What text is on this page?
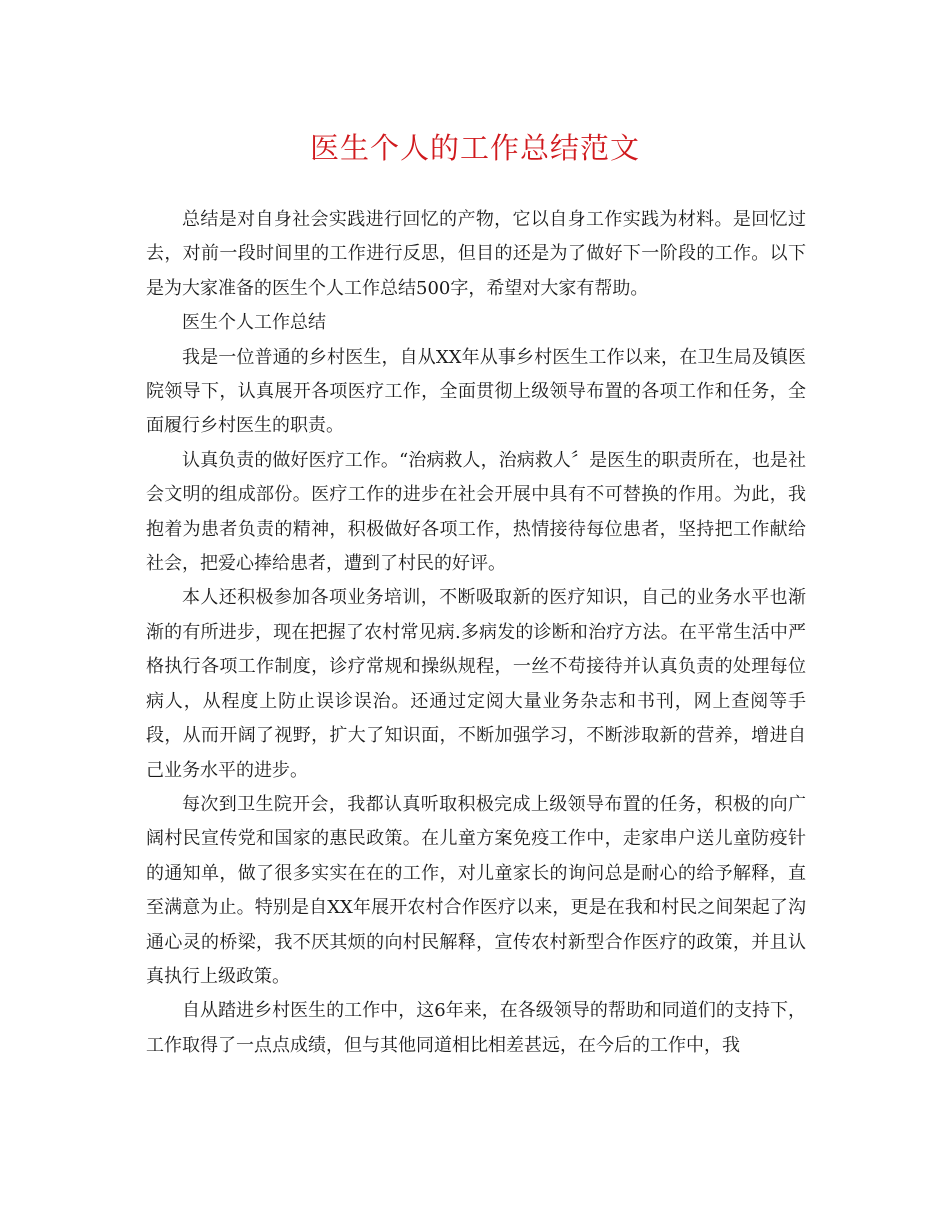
医生个人的工作总结范文

总结是对自身社会实践进行回忆的产物，它以自身工作实践为材料。是回忆过去，对前一段时间里的工作进行反思，但目的还是为了做好下一阶段的工作。以下是为大家准备的医生个人工作总结500字，希望对大家有帮助。

医生个人工作总结

我是一位普通的乡村医生，自从XX年从事乡村医生工作以来，在卫生局及镇医院领导下，认真展开各项医疗工作，全面贯彻上级领导布置的各项工作和任务，全面履行乡村医生的职责。

认真负责的做好医疗工作。“治病救人，治病救人〞是医生的职责所在，也是社会文明的组成部份。医疗工作的进步在社会开展中具有不可替换的作用。为此，我抱着为患者负责的精神，积极做好各项工作，热情接待每位患者，坚持把工作献给社会，把爱心捧给患者，遭到了村民的好评。

本人还积极参加各项业务培训，不断吸取新的医疗知识，自己的业务水平也渐渐的有所进步，现在把握了农村常见病.多病发的诊断和治疗方法。在平常生活中严格执行各项工作制度，诊疗常规和操纵规程，一丝不苟接待并认真负责的处理每位病人，从程度上防止误诊误治。还通过定阅大量业务杂志和书刊，网上查阅等手段，从而开阔了视野，扩大了知识面，不断加强学习，不断涉取新的营养，增进自己业务水平的进步。

每次到卫生院开会，我都认真听取积极完成上级领导布置的任务，积极的向广阔村民宣传党和国家的惠民政策。在儿童方案免疫工作中，走家串户送儿童防疫针的通知单，做了很多实实在在的工作，对儿童家长的询问总是耐心的给予解释，直至满意为止。特别是自XX年展开农村合作医疗以来，更是在我和村民之间架起了沟通心灵的桥梁，我不厌其烦的向村民解释，宣传农村新型合作医疗的政策，并且认真执行上级政策。

自从踏进乡村医生的工作中，这6年来，在各级领导的帮助和同道们的支持下，工作取得了一点点成绩，但与其他同道相比相差甚远，在今后的工作中，我
